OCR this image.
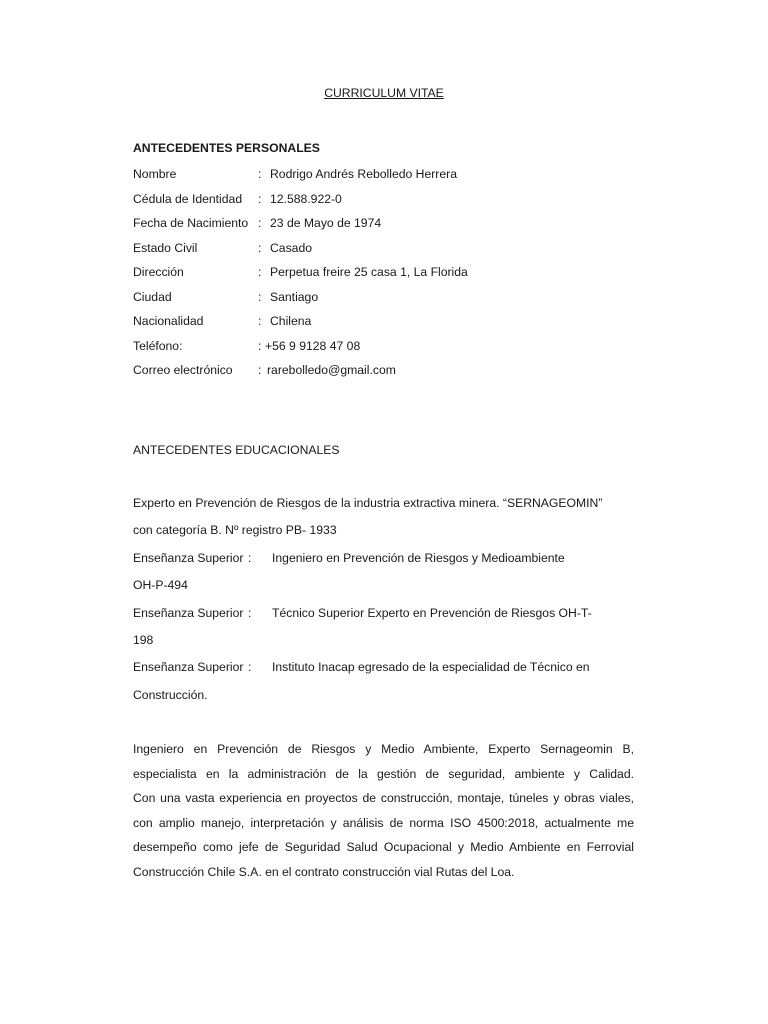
CURRICULUM VITAE
ANTECEDENTES PERSONALES
Nombre	: Rodrigo Andrés Rebolledo Herrera
Cédula de Identidad : 12.588.922-0
Fecha de Nacimiento : 23 de Mayo de 1974
Estado Civil	: Casado
Dirección	: Perpetua freire 25 casa 1, La Florida
Ciudad	: Santiago
Nacionalidad	: Chilena
Teléfono:	: +56 9 9128 47 08
Correo electrónico : rarebolledo@gmail.com
ANTECEDENTES EDUCACIONALES
Experto en Prevención de Riesgos de la industria extractiva minera. “SERNAGEOMIN”
con categoría B. Nº registro PB- 1933
Enseñanza Superior : Ingeniero en Prevención de Riesgos y Medioambiente
OH-P-494
Enseñanza Superior : Técnico Superior Experto en Prevención de Riesgos OH-T-
198
Enseñanza Superior : Instituto Inacap egresado de la especialidad de Técnico en
Construcción.
Ingeniero en Prevención de Riesgos y Medio Ambiente, Experto Sernageomin B,
especialista en la administración de la gestión de seguridad, ambiente y Calidad.
Con una vasta experiencia en proyectos de construcción, montaje, túneles y obras viales,
con amplio manejo, interpretación y análisis de norma ISO 4500:2018, actualmente me
desempeño como jefe de Seguridad Salud Ocupacional y Medio Ambiente en Ferrovial
Construcción Chile S.A. en el contrato construcción vial Rutas del Loa.
